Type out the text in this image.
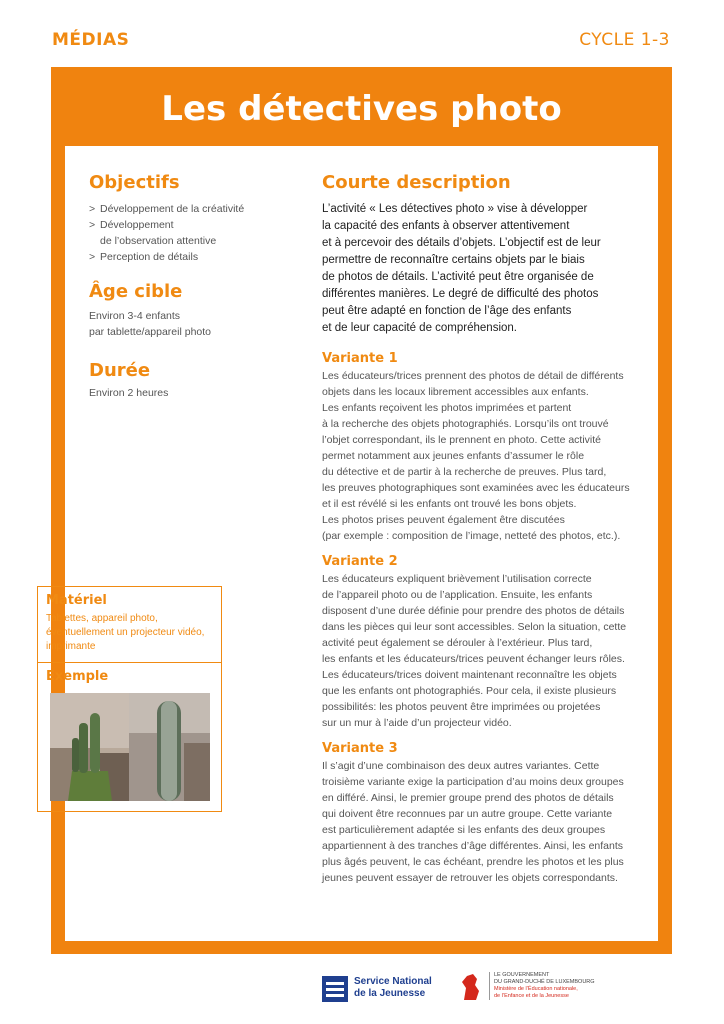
MÉDIAS	CYCLE 1-3
Les détectives photo
Objectifs
> Développement de la créativité
> Développement
de l’observation attentive
> Perception de détails
Âge cible
Environ 3-4 enfants
par tablette/appareil photo
Durée
Environ 2 heures
Courte description

L’activité « Les détectives photo » vise à développer
la capacité des enfants à observer attentivement
et à percevoir des détails d’objets. L’objectif est de leur
permettre de reconnaître certains objets par le biais
de photos de détails. L’activité peut être organisée de
différentes manières. Le degré de difficulté des photos
peut être adapté en fonction de l’âge des enfants
et de leur capacité de compréhension.

Variante 1

Les éducateurs/trices prennent des photos de détail de différents
objets dans les locaux librement accessibles aux enfants.
Les enfants reçoivent les photos imprimées et partent
à la recherche des objets photographiés. Lorsqu’ils ont trouvé
l’objet correspondant, ils le prennent en photo. Cette activité
permet notamment aux jeunes enfants d’assumer le rôle
du détective et de partir à la recherche de preuves. Plus tard,
les preuves photographiques sont examinées avec les éducateurs
et il est révélé si les enfants ont trouvé les bons objets.
Les photos prises peuvent également être discutées
(par exemple : composition de l’image, netteté des photos, etc.).

Variante 2

Les éducateurs expliquent brièvement l’utilisation correcte
de l’appareil photo ou de l’application. Ensuite, les enfants
disposent d’une durée définie pour prendre des photos de détails
dans les pièces qui leur sont accessibles. Selon la situation, cette
activité peut également se dérouler à l’extérieur. Plus tard,
les enfants et les éducateurs/trices peuvent échanger leurs rôles.
Les éducateurs/trices doivent maintenant reconnaître les objets
que les enfants ont photographiés. Pour cela, il existe plusieurs
possibilités: les photos peuvent être imprimées ou projetées
sur un mur à l’aide d’un projecteur vidéo.

Variante 3

Il s’agit d’une combinaison des deux autres variantes. Cette
troisième variante exige la participation d’au moins deux groupes
en différé. Ainsi, le premier groupe prend des photos de détails
qui doivent être reconnues par un autre groupe. Cette variante
est particulièrement adaptée si les enfants des deux groupes
appartiennent à des tranches d’âge différentes. Ainsi, les enfants
plus âgés peuvent, le cas échéant, prendre les photos et les plus
jeunes peuvent essayer de retrouver les objets correspondants.

Matériel
Tablettes, appareil photo,
éventuellement un projecteur vidéo,
imprimante
Exemple
Service National
de la Jeunesse
LE GOUVERNEMENT
DU GRAND-DUCHÉ DE LUXEMBOURG
Ministère de l’Éducation nationale,
de l’Enfance et de la Jeunesse
